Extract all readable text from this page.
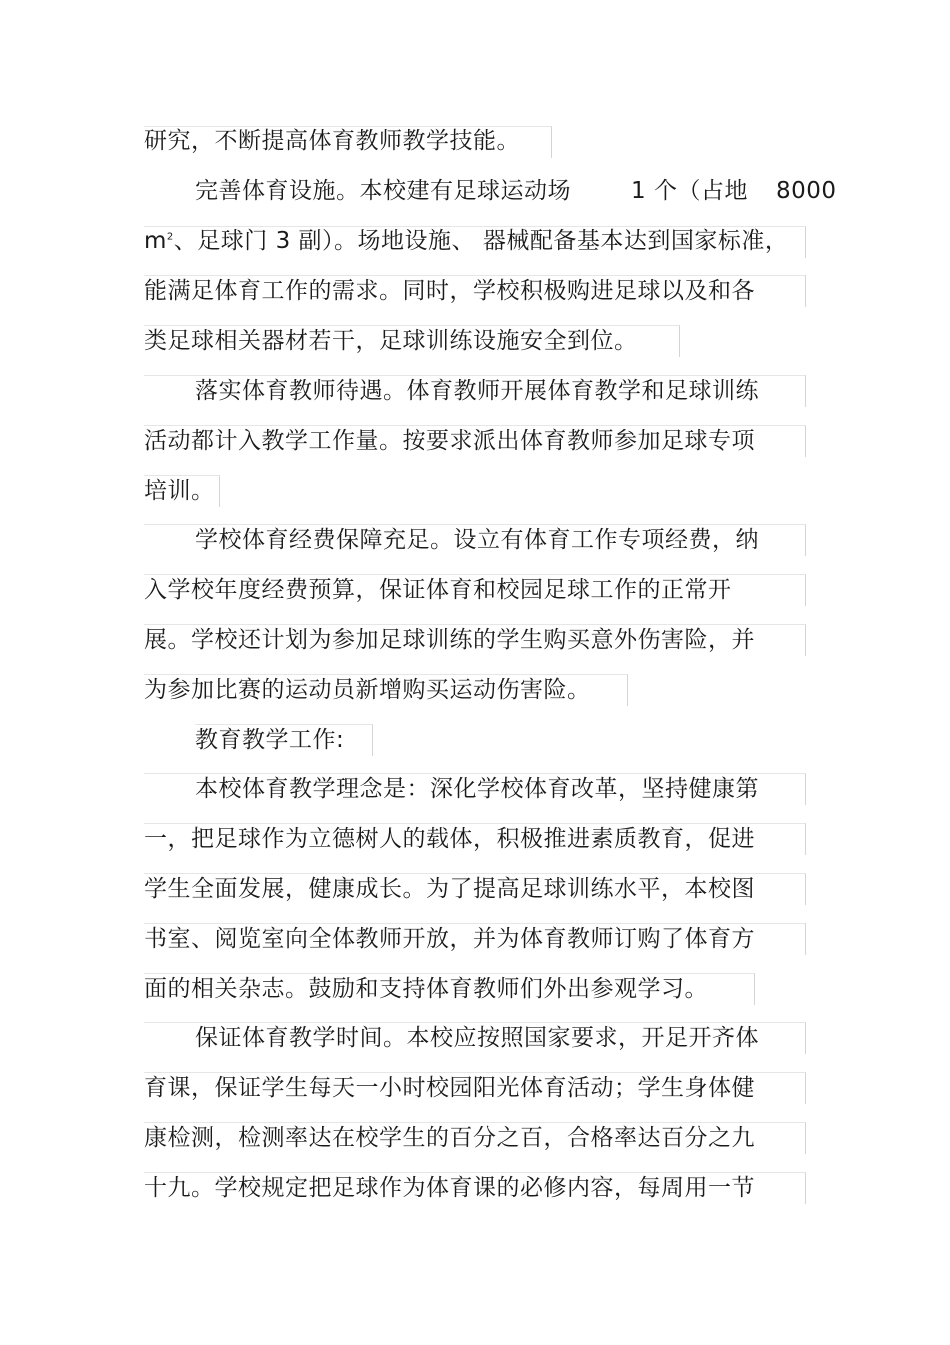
研究，不断提高体育教师教学技能。
完善体育设施。本校建有足球运动场	1 个（占地 8000
$m^2$、足球门 3 副）。场地设施、 器械配备基本达到国家标准，
能满足体育工作的需求。同时，学校积极购进足球以及和各
类足球相关器材若干，足球训练设施安全到位。
落实体育教师待遇。体育教师开展体育教学和足球训练
活动都计入教学工作量。按要求派出体育教师参加足球专项
培训。
学校体育经费保障充足。设立有体育工作专项经费，纳
入学校年度经费预算，保证体育和校园足球工作的正常开
展。学校还计划为参加足球训练的学生购买意外伤害险，并
为参加比赛的运动员新增购买运动伤害险。
教育教学工作:
本校体育教学理念是：深化学校体育改革，坚持健康第
一，把足球作为立德树人的载体，积极推进素质教育，促进
学生全面发展，健康成长。为了提高足球训练水平，本校图
书室、阅览室向全体教师开放，并为体育教师订购了体育方
面的相关杂志。鼓励和支持体育教师们外出参观学习。
保证体育教学时间。本校应按照国家要求，开足开齐体
育课，保证学生每天一小时校园阳光体育活动；学生身体健
康检测，检测率达在校学生的百分之百，合格率达百分之九
十九。学校规定把足球作为体育课的必修内容，每周用一节
